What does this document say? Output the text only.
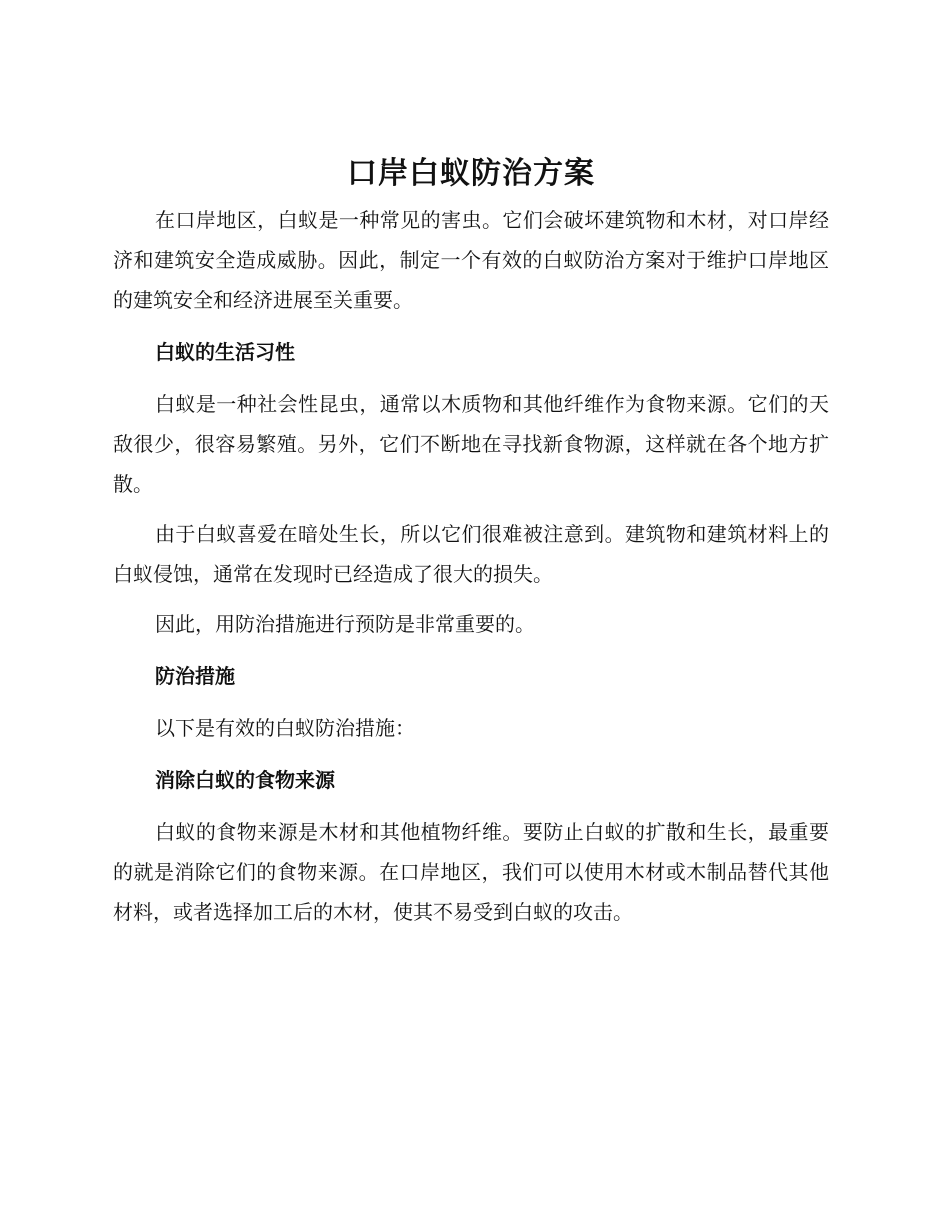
口岸白蚁防治方案

在口岸地区，白蚁是一种常见的害虫。它们会破坏建筑物和木材，对口岸经济和建筑安全造成威胁。因此，制定一个有效的白蚁防治方案对于维护口岸地区的建筑安全和经济进展至关重要。

白蚁的生活习性

白蚁是一种社会性昆虫，通常以木质物和其他纤维作为食物来源。它们的天敌很少，很容易繁殖。另外，它们不断地在寻找新食物源，这样就在各个地方扩散。

由于白蚁喜爱在暗处生长，所以它们很难被注意到。建筑物和建筑材料上的白蚁侵蚀，通常在发现时已经造成了很大的损失。

因此，用防治措施进行预防是非常重要的。

防治措施

以下是有效的白蚁防治措施：

消除白蚁的食物来源

白蚁的食物来源是木材和其他植物纤维。要防止白蚁的扩散和生长，最重要的就是消除它们的食物来源。在口岸地区，我们可以使用木材或木制品替代其他材料，或者选择加工后的木材，使其不易受到白蚁的攻击。
